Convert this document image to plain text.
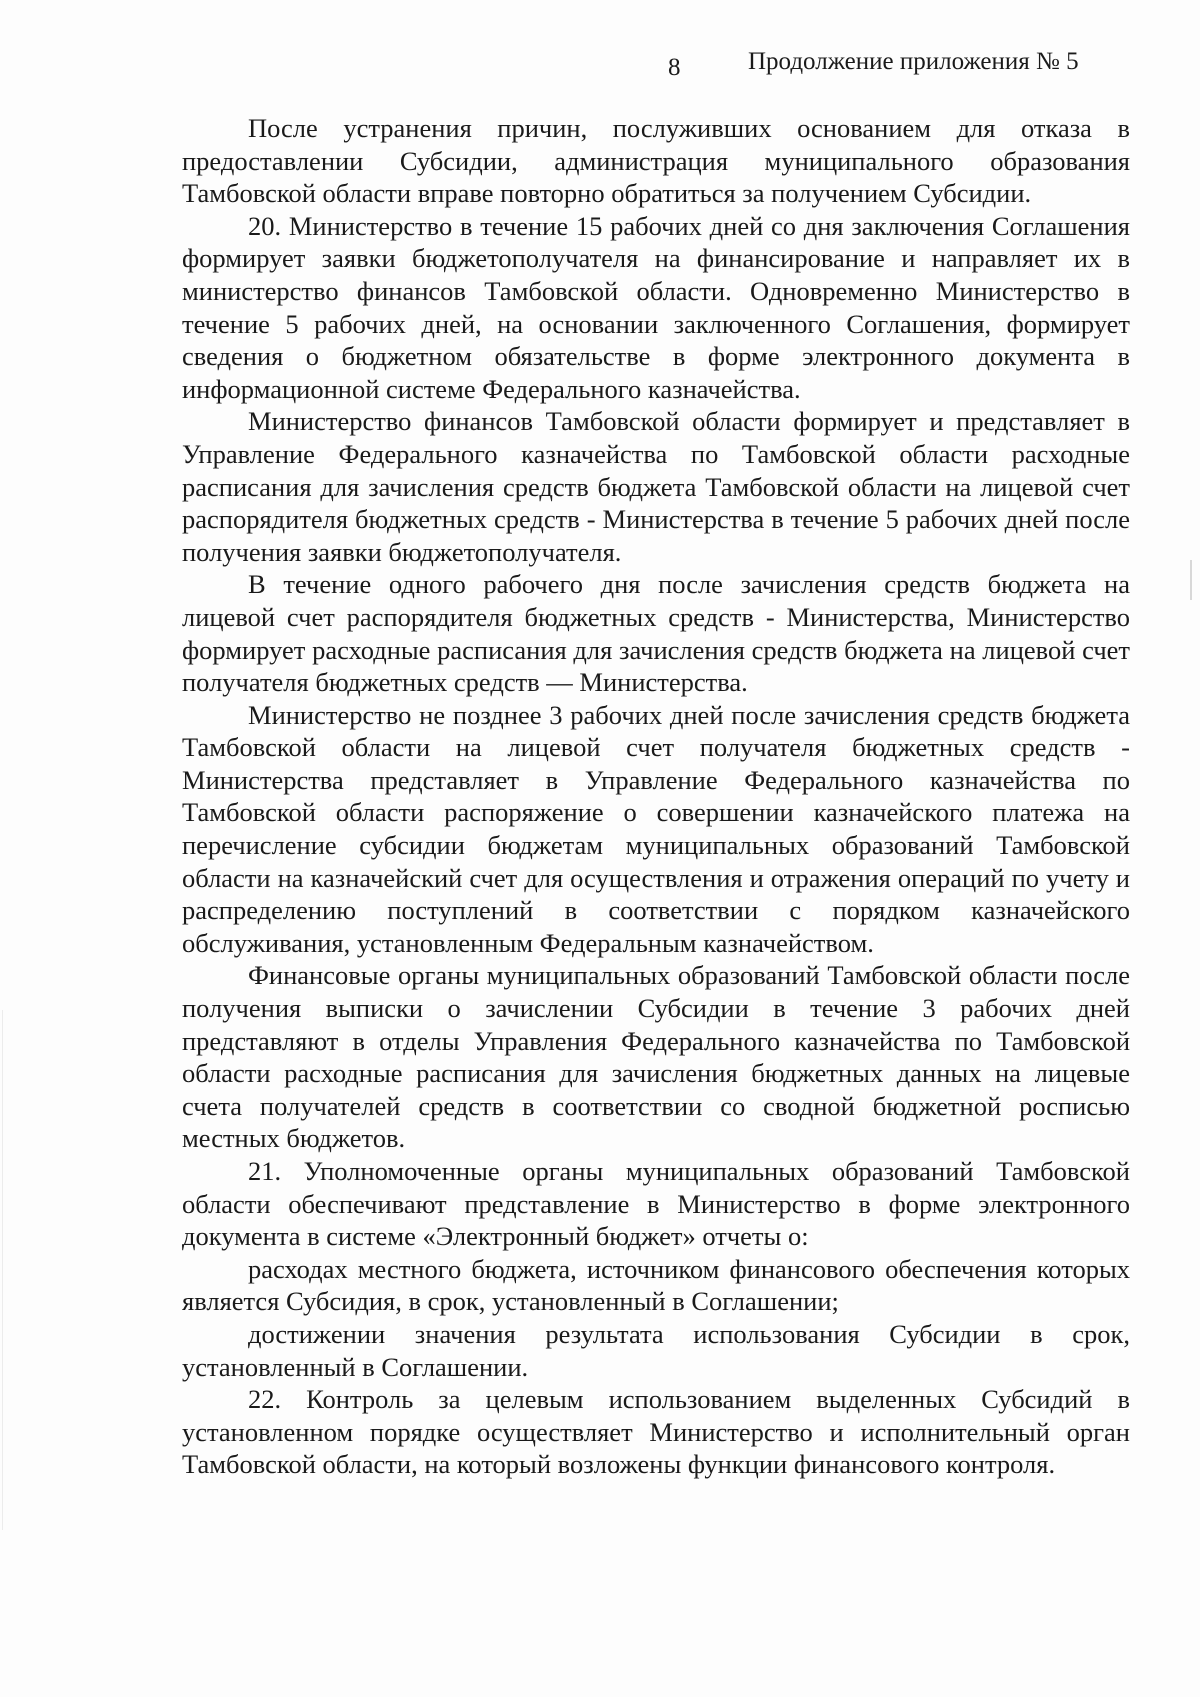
8	Продолжение приложения № 5

После устранения причин, послуживших основанием для отказа в предоставлении Субсидии, администрация муниципального образования Тамбовской области вправе повторно обратиться за получением Субсидии.

20. Министерство в течение 15 рабочих дней со дня заключения Соглашения формирует заявки бюджетополучателя на финансирование и направляет их в министерство финансов Тамбовской области. Одновременно Министерство в течение 5 рабочих дней, на основании заключенного Соглашения, формирует сведения о бюджетном обязательстве в форме электронного документа в информационной системе Федерального казначейства.

Министерство финансов Тамбовской области формирует и представляет в Управление Федерального казначейства по Тамбовской области расходные расписания для зачисления средств бюджета Тамбовской области на лицевой счет распорядителя бюджетных средств - Министерства в течение 5 рабочих дней после получения заявки бюджетополучателя.

В течение одного рабочего дня после зачисления средств бюджета на лицевой счет распорядителя бюджетных средств - Министерства, Министерство формирует расходные расписания для зачисления средств бюджета на лицевой счет получателя бюджетных средств — Министерства.

Министерство не позднее 3 рабочих дней после зачисления средств бюджета Тамбовской области на лицевой счет получателя бюджетных средств - Министерства представляет в Управление Федерального казначейства по Тамбовской области распоряжение о совершении казначейского платежа на перечисление субсидии бюджетам муниципальных образований Тамбовской области на казначейский счет для осуществления и отражения операций по учету и распределению поступлений в соответствии с порядком казначейского обслуживания, установленным Федеральным казначейством.

Финансовые органы муниципальных образований Тамбовской области после получения выписки о зачислении Субсидии в течение 3 рабочих дней представляют в отделы Управления Федерального казначейства по Тамбовской области расходные расписания для зачисления бюджетных данных на лицевые счета получателей средств в соответствии со сводной бюджетной росписью местных бюджетов.

21. Уполномоченные органы муниципальных образований Тамбовской области обеспечивают представление в Министерство в форме электронного документа в системе «Электронный бюджет» отчеты о:

расходах местного бюджета, источником финансового обеспечения которых является Субсидия, в срок, установленный в Соглашении;

достижении значения результата использования Субсидии в срок, установленный в Соглашении.

22. Контроль за целевым использованием выделенных Субсидий в установленном порядке осуществляет Министерство и исполнительный орган Тамбовской области, на который возложены функции финансового контроля.
